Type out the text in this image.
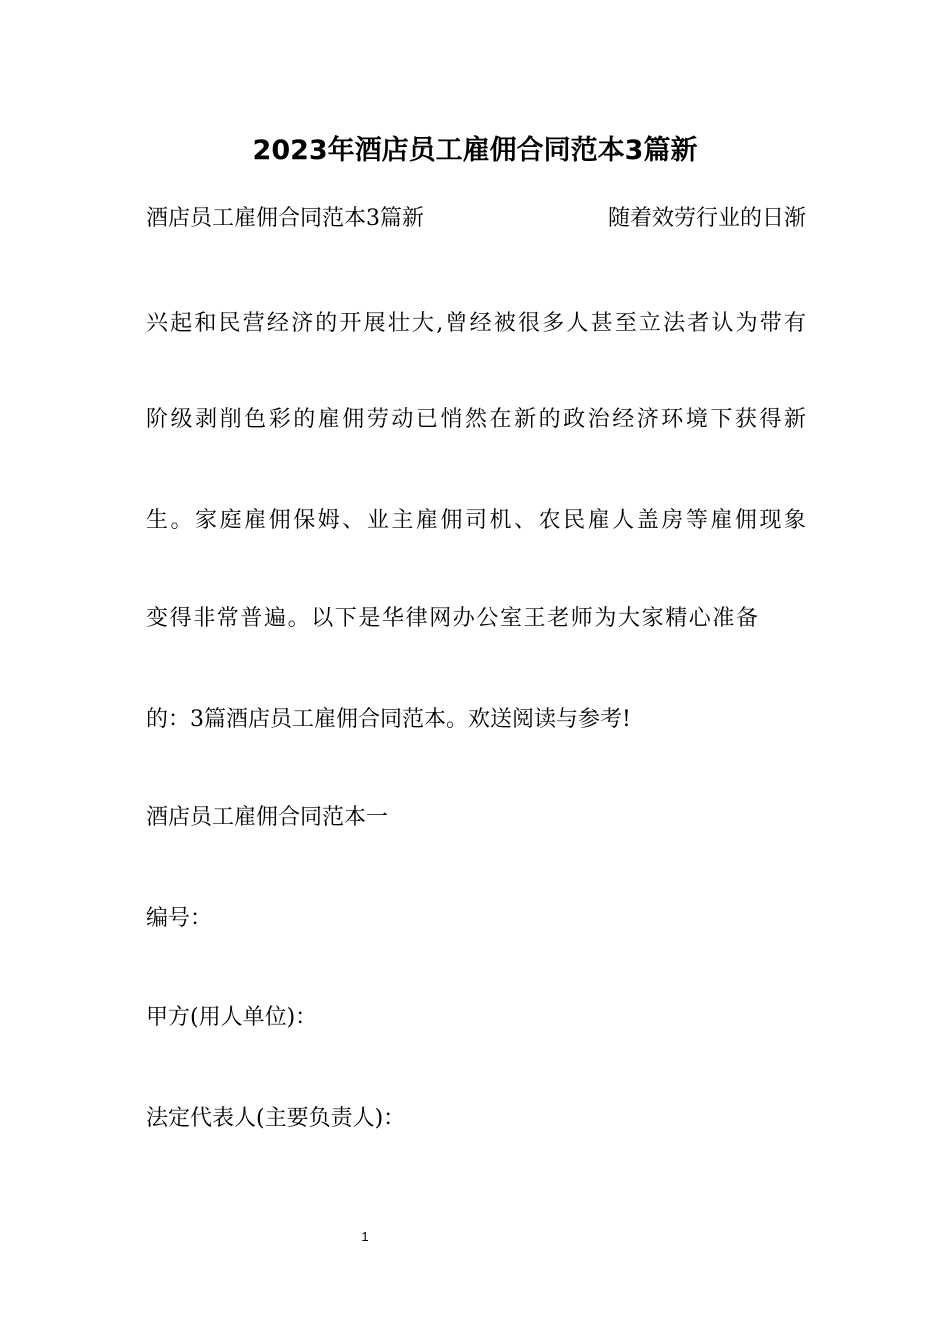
2023年酒店员工雇佣合同范本3篇新
酒店员工雇佣合同范本3篇新	随着效劳行业的日渐

兴起和民营经济的开展壮大,曾经被很多人甚至立法者认为带有

阶级剥削色彩的雇佣劳动已悄然在新的政治经济环境下获得新

生。家庭雇佣保姆、业主雇佣司机、农民雇人盖房等雇佣现象

变得非常普遍。以下是华律网办公室王老师为大家精心准备

的：3篇酒店员工雇佣合同范本。欢送阅读与参考!

酒店员工雇佣合同范本一

编号：

甲方(用人单位)：

法定代表人(主要负责人)：

1
